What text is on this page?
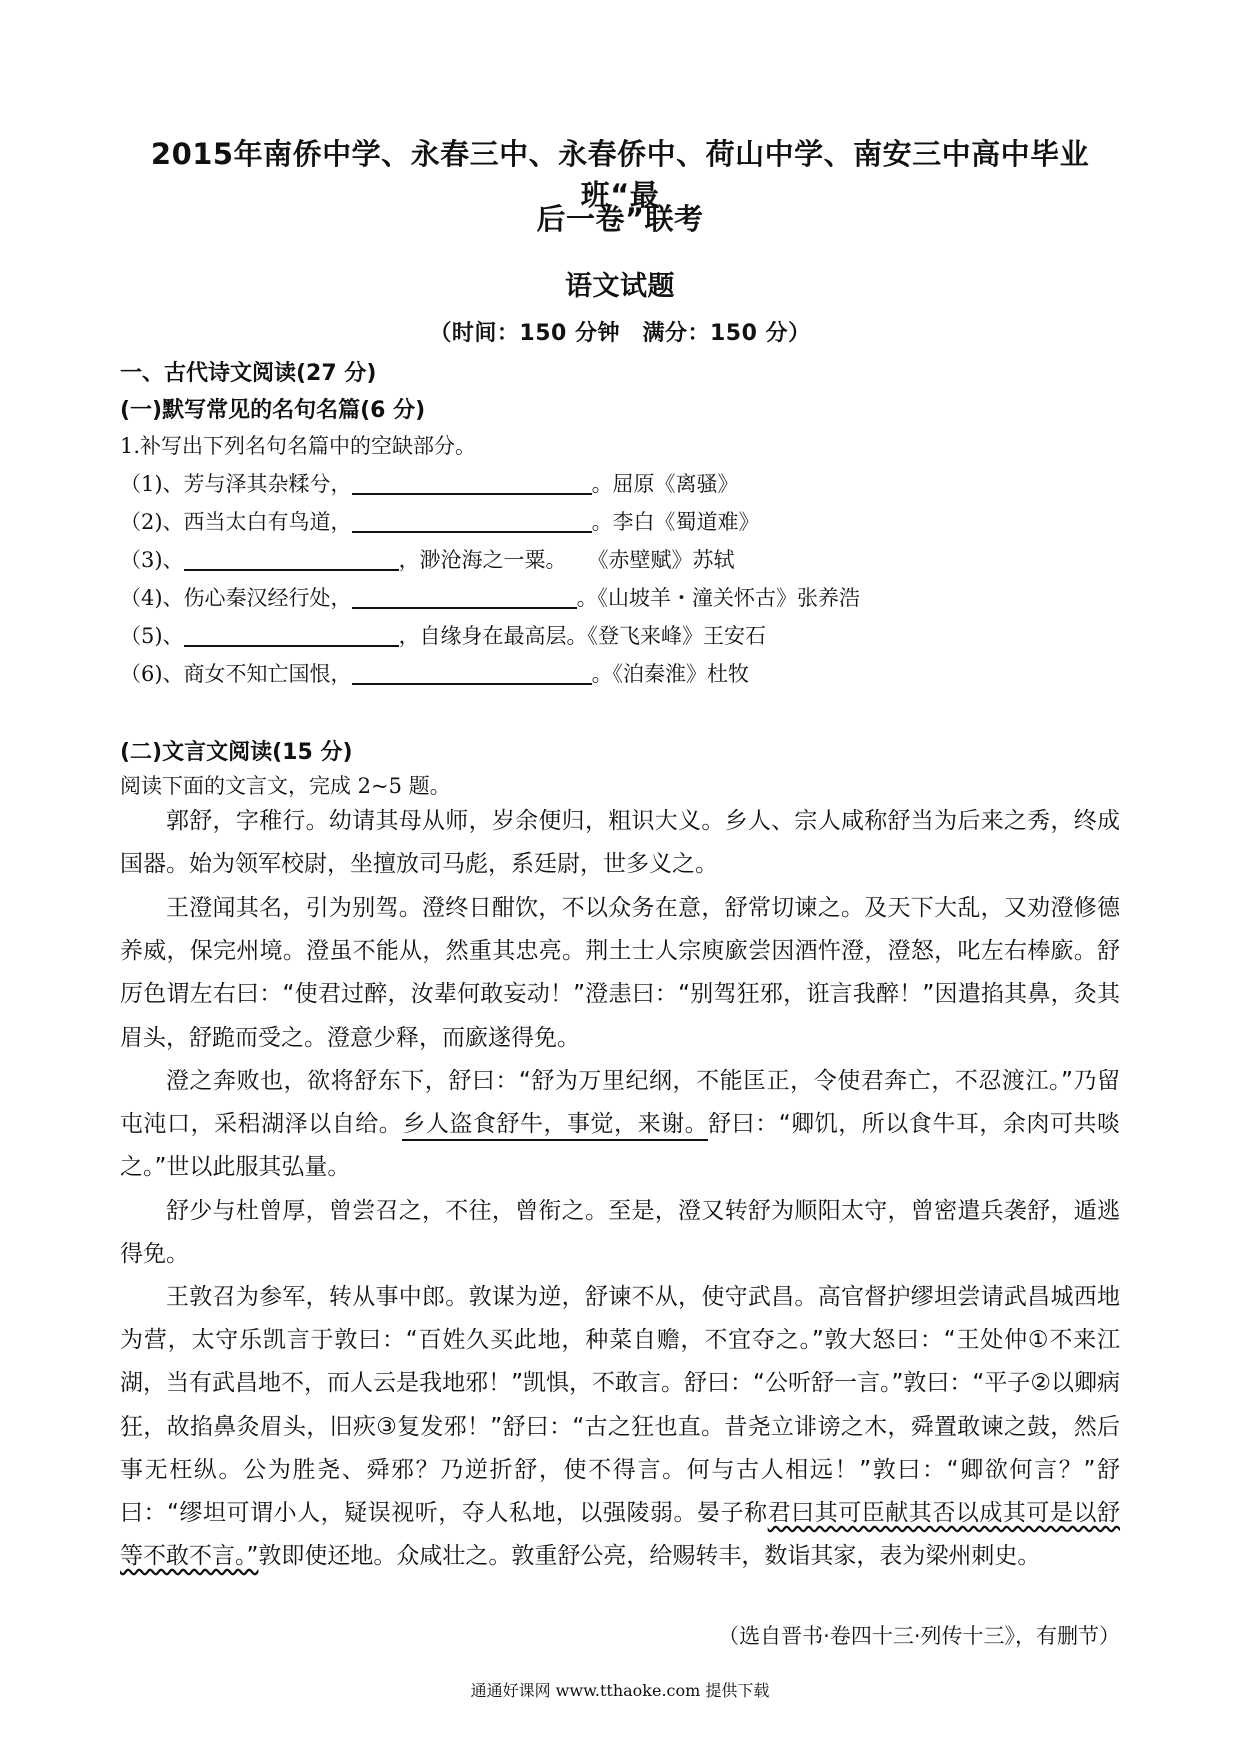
2015年南侨中学、永春三中、永春侨中、荷山中学、南安三中高中毕业班“最
后一卷”联考
语文试题
（时间：150 分钟　满分：150 分）
一、古代诗文阅读(27 分)
(一)默写常见的名句名篇(6 分)
1.补写出下列名句名篇中的空缺部分。
（1)、芳与泽其杂糅兮，	。屈原《离骚》
（2)、西当太白有鸟道，	。李白《蜀道难》
（3)、	，渺沧海之一粟。　　《赤壁赋》苏轼
（4)、伤心秦汉经行处，	。《山坡羊・潼关怀古》张养浩
（5)、	，自缘身在最高层。《登飞来峰》王安石
（6)、商女不知亡国恨，	。《泊秦淮》杜牧
(二)文言文阅读(15 分)
阅读下面的文言文，完成 2~5 题。
郭舒，字稚行。幼请其母从师，岁余便归，粗识大义。乡人、宗人咸称舒当为后来之秀，终成国器。始为领军校尉，坐擅放司马彪，系廷尉，世多义之。
王澄闻其名，引为别驾。澄终日酣饮，不以众务在意，舒常切谏之。及天下大乱，又劝澄修德养威，保完州境。澄虽不能从，然重其忠亮。荆土士人宗庾廞尝因酒忤澄，澄怒，叱左右棒廞。舒厉色谓左右曰：“使君过醉，汝辈何敢妄动！”澄恚曰：“别驾狂邪，诳言我醉！”因遣掐其鼻，灸其眉头，舒跪而受之。澄意少释，而廞遂得免。
澄之奔败也，欲将舒东下，舒曰：“舒为万里纪纲，不能匡正，令使君奔亡，不忍渡江。”乃留屯沌口，采稆湖泽以自给。乡人盗食舒牛，事觉，来谢。舒曰：“卿饥，所以食牛耳，余肉可共啖之。”世以此服其弘量。
舒少与杜曾厚，曾尝召之，不往，曾衔之。至是，澄又转舒为顺阳太守，曾密遣兵袭舒，遁逃得免。
王敦召为参军，转从事中郎。敦谋为逆，舒谏不从，使守武昌。高官督护缪坦尝请武昌城西地为营，太守乐凯言于敦曰：“百姓久买此地，种菜自赡，不宜夺之。”敦大怒曰：“王处仲①不来江湖，当有武昌地不，而人云是我地邪！”凯惧，不敢言。舒曰：“公听舒一言。”敦曰：“平子②以卿病狂，故掐鼻灸眉头，旧疢③复发邪！”舒曰：“古之狂也直。昔尧立诽谤之木，舜置敢谏之鼓，然后事无枉纵。公为胜尧、舜邪？乃逆折舒，使不得言。何与古人相远！”敦曰：“卿欲何言？”舒曰：“缪坦可谓小人，疑误视听，夺人私地，以强陵弱。晏子称君曰其可臣献其否以成其可是以舒等不敢不言。”敦即使还地。众咸壮之。敦重舒公亮，给赐转丰，数诣其家，表为梁州刺史。
（选自晋书·卷四十三·列传十三》，有删节）
通通好课网 www.tthaoke.com 提供下载
